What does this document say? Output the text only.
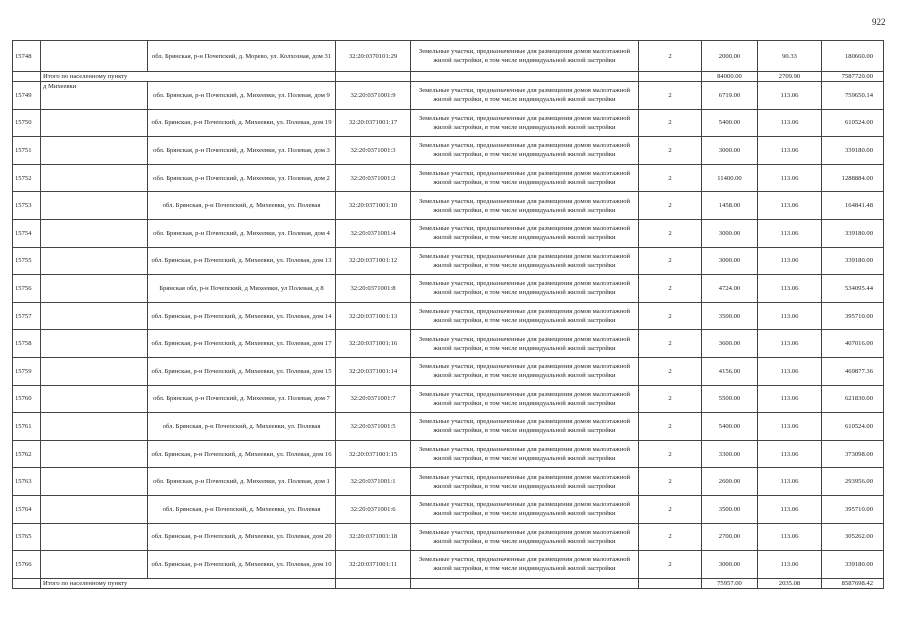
922
15748		обл. Брянская, р-н Почепский, д. Морево, ул. Колхозная, дом 31	32:20:0370101:29	Земельные участки, предназначенные для размещения домов малоэтажной жилой застройки, в том числе индивидуальной жилой застройки	2	2000.00	90.33	180660.00
	Итого по населенному пункту					84000.00	2709.90	7587720.00
15749	д Михеевки	обл. Брянская, р-н Почепский, д. Михеевки, ул. Полевая, дом 9	32:20:0371001:9	Земельные участки, предназначенные для размещения домов малоэтажной жилой застройки, в том числе индивидуальной жилой застройки	2	6719.00	113.06	759650.14
15750		обл. Брянская, р-н Почепский, д. Михеевки, ул. Полевая, дом 19	32:20:0371001:17	Земельные участки, предназначенные для размещения домов малоэтажной жилой застройки, в том числе индивидуальной жилой застройки	2	5400.00	113.06	610524.00
15751		обл. Брянская, р-н Почепский, д. Михеевки, ул. Полевая, дом 3	32:20:0371001:3	Земельные участки, предназначенные для размещения домов малоэтажной жилой застройки, в том числе индивидуальной жилой застройки	2	3000.00	113.06	339180.00
15752		обл. Брянская, р-н Почепский, д. Михеевки, ул. Полевая, дом 2	32:20:0371001:2	Земельные участки, предназначенные для размещения домов малоэтажной жилой застройки, в том числе индивидуальной жилой застройки	2	11400.00	113.06	1288884.00
15753		обл. Брянская, р-н Почепский, д. Михеевки, ул. Полевая	32:20:0371001:10	Земельные участки, предназначенные для размещения домов малоэтажной жилой застройки, в том числе индивидуальной жилой застройки	2	1458.00	113.06	164841.48
15754		обл. Брянская, р-н Почепский, д. Михеевки, ул. Полевая, дом 4	32:20:0371001:4	Земельные участки, предназначенные для размещения домов малоэтажной жилой застройки, в том числе индивидуальной жилой застройки	2	3000.00	113.06	339180.00
15755		обл. Брянская, р-н Почепский, д. Михеевки, ул. Полевая, дом 13	32:20:0371001:12	Земельные участки, предназначенные для размещения домов малоэтажной жилой застройки, в том числе индивидуальной жилой застройки	2	3000.00	113.06	339180.00
15756		Брянская обл, р-н Почепский, д Михеевки, ул Полевая, д 8	32:20:0371001:8	Земельные участки, предназначенные для размещения домов малоэтажной жилой застройки, в том числе индивидуальной жилой застройки	2	4724.00	113.06	534095.44
15757		обл. Брянская, р-н Почепский, д. Михеевки, ул. Полевая, дом 14	32:20:0371001:13	Земельные участки, предназначенные для размещения домов малоэтажной жилой застройки, в том числе индивидуальной жилой застройки	2	3500.00	113.06	395710.00
15758		обл. Брянская, р-н Почепский, д. Михеевки, ул. Полевая, дом 17	32:20:0371001:16	Земельные участки, предназначенные для размещения домов малоэтажной жилой застройки, в том числе индивидуальной жилой застройки	2	3600.00	113.06	407016.00
15759		обл. Брянская, р-н Почепский, д. Михеевки, ул. Полевая, дом 15	32:20:0371001:14	Земельные участки, предназначенные для размещения домов малоэтажной жилой застройки, в том числе индивидуальной жилой застройки	2	4156.00	113.06	469877.36
15760		обл. Брянская, р-н Почепский, д. Михеевки, ул. Полевая, дом 7	32:20:0371001:7	Земельные участки, предназначенные для размещения домов малоэтажной жилой застройки, в том числе индивидуальной жилой застройки	2	5500.00	113.06	621830.00
15761		обл. Брянская, р-н Почепский, д. Михеевки, ул. Полевая	32:20:0371001:5	Земельные участки, предназначенные для размещения домов малоэтажной жилой застройки, в том числе индивидуальной жилой застройки	2	5400.00	113.06	610524.00
15762		обл. Брянская, р-н Почепский, д. Михеевки, ул. Полевая, дом 16	32:20:0371001:15	Земельные участки, предназначенные для размещения домов малоэтажной жилой застройки, в том числе индивидуальной жилой застройки	2	3300.00	113.06	373098.00
15763		обл. Брянская, р-н Почепский, д. Михеевки, ул. Полевая, дом 1	32:20:0371001:1	Земельные участки, предназначенные для размещения домов малоэтажной жилой застройки, в том числе индивидуальной жилой застройки	2	2600.00	113.06	293956.00
15764		обл. Брянская, р-н Почепский, д. Михеевки, ул. Полевая	32:20:0371001:6	Земельные участки, предназначенные для размещения домов малоэтажной жилой застройки, в том числе индивидуальной жилой застройки	2	3500.00	113.06	395710.00
15765		обл. Брянская, р-н Почепский, д. Михеевки, ул. Полевая, дом 20	32:20:0371001:18	Земельные участки, предназначенные для размещения домов малоэтажной жилой застройки, в том числе индивидуальной жилой застройки	2	2700.00	113.06	305262.00
15766		обл. Брянская, р-н Почепский, д. Михеевки, ул. Полевая, дом 10	32:20:0371001:11	Земельные участки, предназначенные для размещения домов малоэтажной жилой застройки, в том числе индивидуальной жилой застройки	2	3000.00	113.06	339180.00
	Итого по населенному пункту					75957.00	2035.08	8587698.42
